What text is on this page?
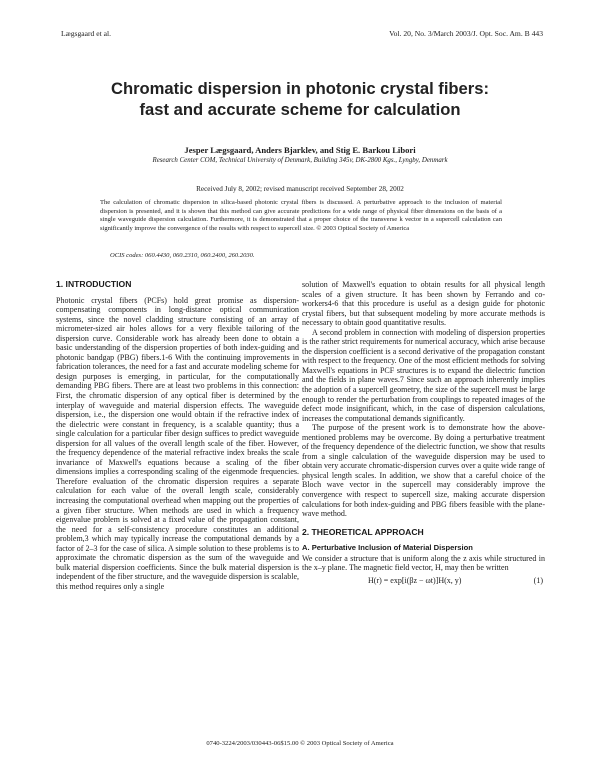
Lægsgaard et al.	Vol. 20, No. 3/March 2003/J. Opt. Soc. Am. B 443
Chromatic dispersion in photonic crystal fibers:
fast and accurate scheme for calculation
Jesper Lægsgaard, Anders Bjarklev, and Stig E. Barkou Libori
Research Center COM, Technical University of Denmark, Building 345v, DK-2800 Kgs., Lyngby, Denmark
Received July 8, 2002; revised manuscript received September 28, 2002
The calculation of chromatic dispersion in silica-based photonic crystal fibers is discussed. A perturbative approach to the inclusion of material dispersion is presented, and it is shown that this method can give accurate predictions for a wide range of physical fiber dimensions on the basis of a single waveguide dispersion calculation. Furthermore, it is demonstrated that a proper choice of the transverse k vector in a supercell calculation can significantly improve the convergence of the results with respect to supercell size. © 2003 Optical Society of America
OCIS codes: 060.4430, 060.2310, 060.2400, 260.2030.
1. INTRODUCTION

Photonic crystal fibers (PCFs) hold great promise as dispersion-compensating components in long-distance optical communication systems, since the novel cladding structure consisting of an array of micrometer-sized air holes allows for a very flexible tailoring of the dispersion curve. Considerable work has already been done to obtain a basic understanding of the dispersion properties of both index-guiding and photonic bandgap (PBG) fibers.1-6 With the continuing improvements in fabrication tolerances, the need for a fast and accurate modeling scheme for design purposes is emerging, in particular, for the computationally demanding PBG fibers. There are at least two problems in this connection: First, the chromatic dispersion of any optical fiber is determined by the interplay of waveguide and material dispersion effects. The waveguide dispersion, i.e., the dispersion one would obtain if the refractive index of the dielectric were constant in frequency, is a scalable quantity; thus a single calculation for a particular fiber design suffices to predict waveguide dispersion for all values of the overall length scale of the fiber. However, the frequency dependence of the material refractive index breaks the scale invariance of Maxwell's equations because a scaling of the fiber dimensions implies a corresponding scaling of the eigenmode frequencies. Therefore evaluation of the chromatic dispersion requires a separate calculation for each value of the overall length scale, considerably increasing the computational overhead when mapping out the properties of a given fiber structure. When methods are used in which a frequency eigenvalue problem is solved at a fixed value of the propagation constant, the need for a self-consistency procedure constitutes an additional problem,3 which may typically increase the computational demands by a factor of 2–3 for the case of silica. A simple solution to these problems is to approximate the chromatic dispersion as the sum of the waveguide and bulk material dispersion coefficients. Since the bulk material dispersion is independent of the fiber structure, and the waveguide dispersion is scalable, this method requires only a single

solution of Maxwell's equation to obtain results for all physical length scales of a given structure. It has been shown by Ferrando and co-workers4-6 that this procedure is useful as a design guide for photonic crystal fibers, but that subsequent modeling by more accurate methods is necessary to obtain good quantitative results.

A second problem in connection with modeling of dispersion properties is the rather strict requirements for numerical accuracy, which arise because the dispersion coefficient is a second derivative of the propagation constant with respect to the frequency. One of the most efficient methods for solving Maxwell's equations in PCF structures is to expand the dielectric function and the fields in plane waves.7 Since such an approach inherently implies the adoption of a supercell geometry, the size of the supercell must be large enough to render the perturbation from couplings to repeated images of the defect mode insignificant, which, in the case of dispersion calculations, increases the computational demands significantly.

The purpose of the present work is to demonstrate how the above-mentioned problems may be overcome. By doing a perturbative treatment of the frequency dependence of the dielectric function, we show that results from a single calculation of the waveguide dispersion may be used to obtain very accurate chromatic-dispersion curves over a quite wide range of physical length scales. In addition, we show that a careful choice of the Bloch wave vector in the supercell may considerably improve the convergence with respect to supercell size, making accurate dispersion calculations for both index-guiding and PBG fibers feasible with the plane-wave method.

2. THEORETICAL APPROACH
A. Perturbative Inclusion of Material Dispersion

We consider a structure that is uniform along the z axis while structured in the x–y plane. The magnetic field vector, H, may then be written

H(r) = exp[i(βz − ωt)]H(x, y)	(1)
0740-3224/2003/030443-06$15.00 © 2003 Optical Society of America
